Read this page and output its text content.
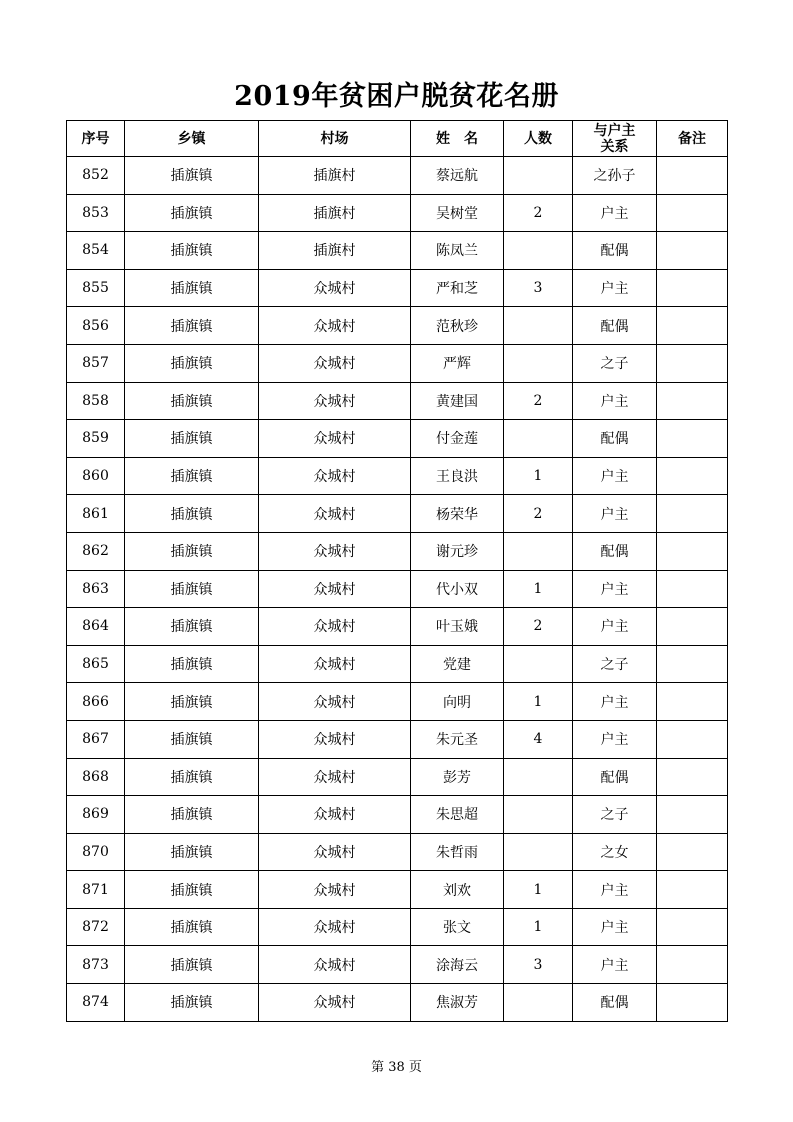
2019年贫困户脱贫花名册
序号	乡镇	村场	姓　名	人数	与户主关系	备注
852	插旗镇	插旗村	蔡远航		之孙子	
853	插旗镇	插旗村	吴树堂	2	户主	
854	插旗镇	插旗村	陈凤兰		配偶	
855	插旗镇	众城村	严和芝	3	户主	
856	插旗镇	众城村	范秋珍		配偶	
857	插旗镇	众城村	严辉		之子	
858	插旗镇	众城村	黄建国	2	户主	
859	插旗镇	众城村	付金莲		配偶	
860	插旗镇	众城村	王良洪	1	户主	
861	插旗镇	众城村	杨荣华	2	户主	
862	插旗镇	众城村	谢元珍		配偶	
863	插旗镇	众城村	代小双	1	户主	
864	插旗镇	众城村	叶玉娥	2	户主	
865	插旗镇	众城村	党建		之子	
866	插旗镇	众城村	向明	1	户主	
867	插旗镇	众城村	朱元圣	4	户主	
868	插旗镇	众城村	彭芳		配偶	
869	插旗镇	众城村	朱思超		之子	
870	插旗镇	众城村	朱哲雨		之女	
871	插旗镇	众城村	刘欢	1	户主	
872	插旗镇	众城村	张文	1	户主	
873	插旗镇	众城村	涂海云	3	户主	
874	插旗镇	众城村	焦淑芳		配偶	
第 38 页
